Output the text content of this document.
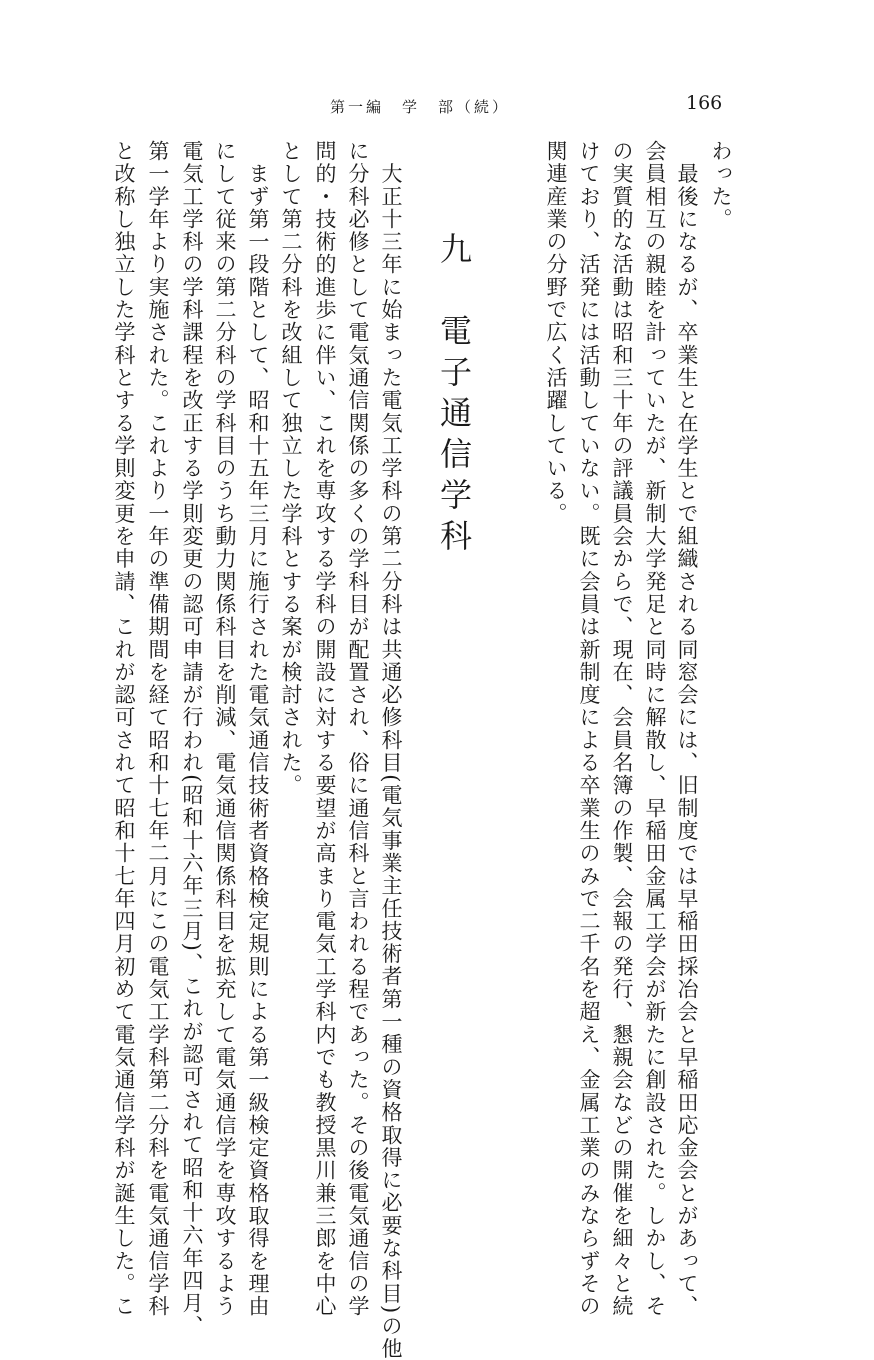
第一編　学　部（続）	166
わった。
　最後になるが、卒業生と在学生とで組織される同窓会には、旧制度では早稲田採冶会と早稲田応金会とがあって、
会員相互の親睦を計っていたが、新制大学発足と同時に解散し、早稲田金属工学会が新たに創設された。しかし、そ
の実質的な活動は昭和三十年の評議員会からで、現在、会員名簿の作製、会報の発行、懇親会などの開催を細々と続
けており、活発には活動していない。既に会員は新制度による卒業生のみで二千名を超え、金属工業のみならずその
関連産業の分野で広く活躍している。
九　電子通信学科
　大正十三年に始まった電気工学科の第二分科は共通必修科目(電気事業主任技術者第一種の資格取得に必要な科目)の他
に分科必修として電気通信関係の多くの学科目が配置され、俗に通信科と言われる程であった。その後電気通信の学
問的・技術的進歩に伴い、これを専攻する学科の開設に対する要望が高まり電気工学科内でも教授黒川兼三郎を中心
として第二分科を改組して独立した学科とする案が検討された。
　まず第一段階として、昭和十五年三月に施行された電気通信技術者資格検定規則による第一級検定資格取得を理由
にして従来の第二分科の学科目のうち動力関係科目を削減、電気通信関係科目を拡充して電気通信学を専攻するよう
電気工学科の学科課程を改正する学則変更の認可申請が行われ(昭和十六年三月)、これが認可されて昭和十六年四月、
第一学年より実施された。これより一年の準備期間を経て昭和十七年二月にこの電気工学科第二分科を電気通信学科
と改称し独立した学科とする学則変更を申請、これが認可されて昭和十七年四月初めて電気通信学科が誕生した。こ
